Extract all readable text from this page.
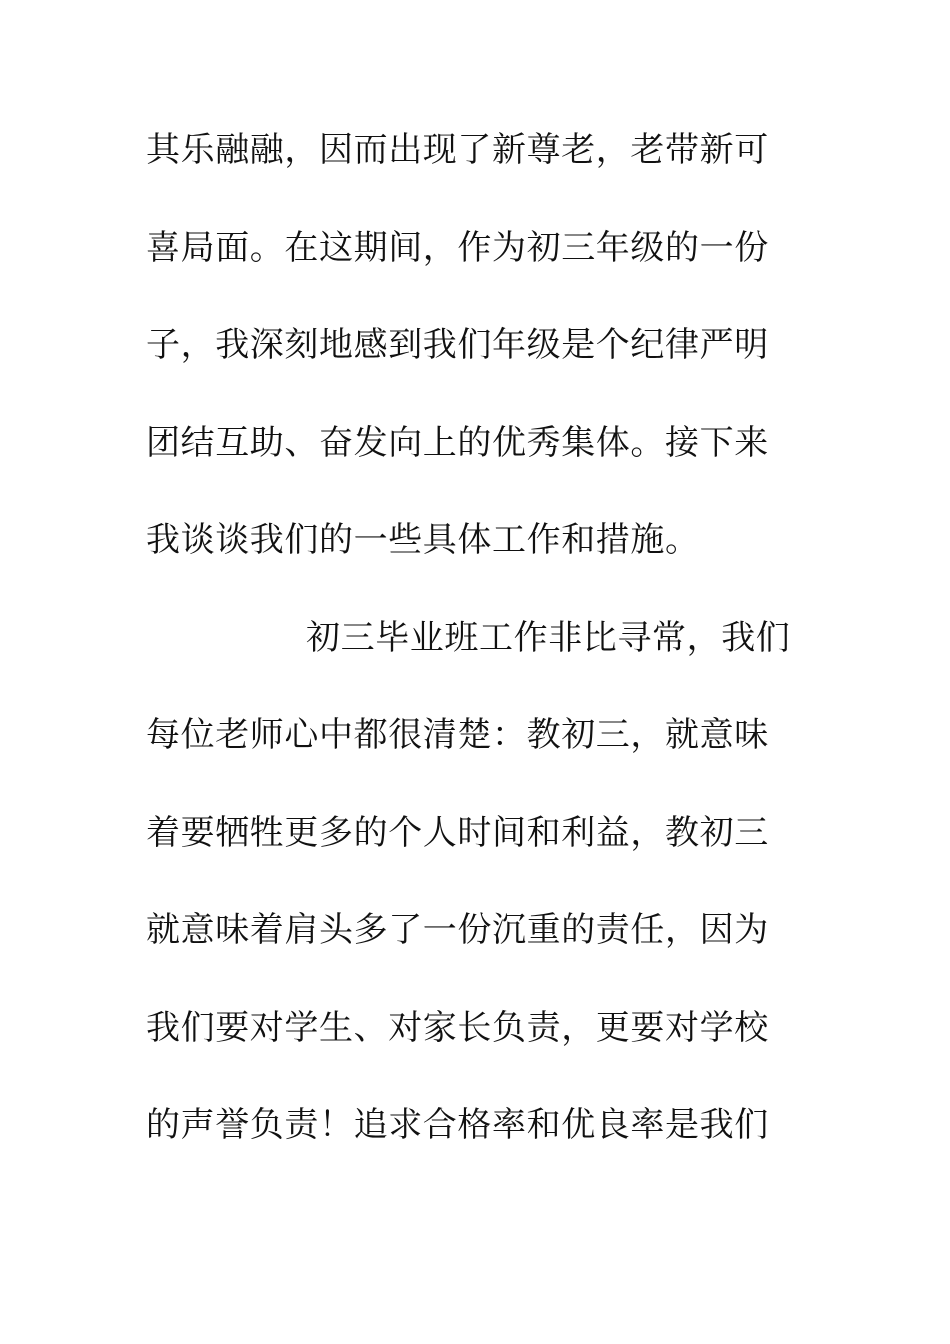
其乐融融，因而出现了新尊老，老带新可
喜局面。在这期间，作为初三年级的一份
子，我深刻地感到我们年级是个纪律严明
团结互助、奋发向上的优秀集体。接下来
我谈谈我们的一些具体工作和措施。
初三毕业班工作非比寻常，我们
每位老师心中都很清楚：教初三，就意味
着要牺牲更多的个人时间和利益，教初三
就意味着肩头多了一份沉重的责任，因为
我们要对学生、对家长负责，更要对学校
的声誉负责！追求合格率和优良率是我们
